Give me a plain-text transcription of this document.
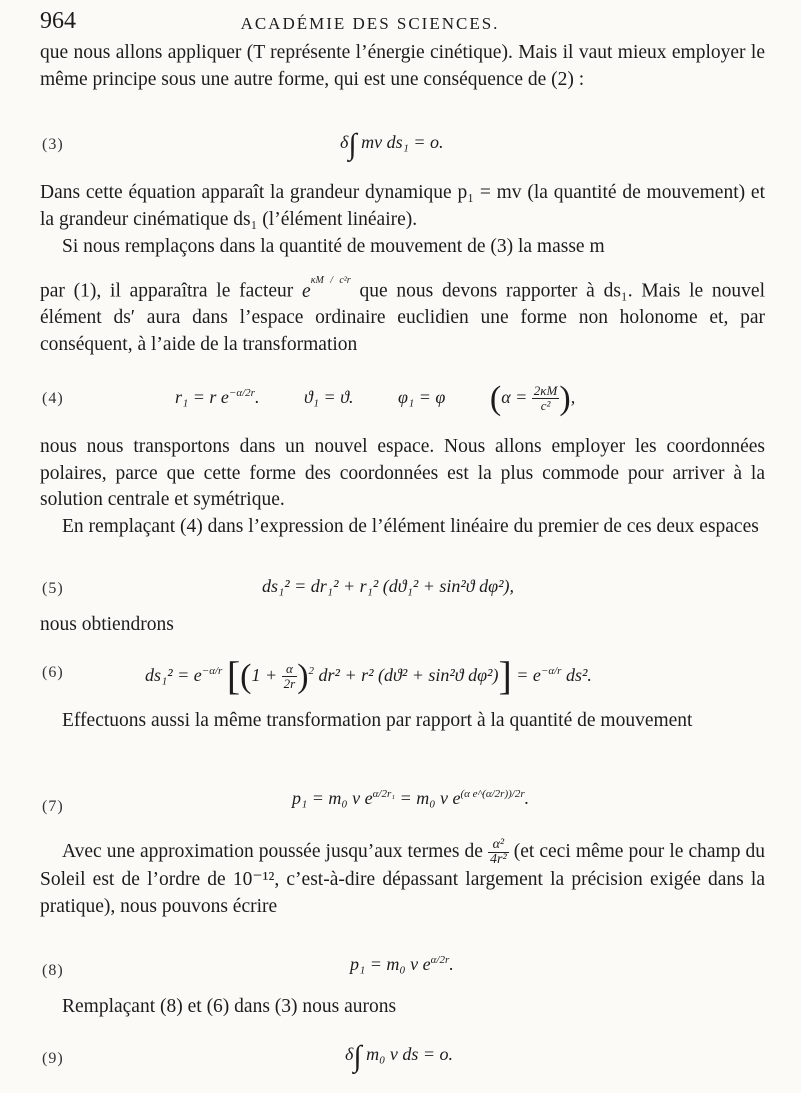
964	ACADÉMIE DES SCIENCES.
que nous allons appliquer (T représente l’énergie cinétique). Mais il vaut mieux employer le même principe sous une autre forme, qui est une conséquence de (2) :
(3)	δ∫ mv ds₁ = o.
Dans cette équation apparaît la grandeur dynamique p₁ = mv (la quantité de mouvement) et la grandeur cinématique ds₁ (l’élément linéaire).
Si nous remplaçons dans la quantité de mouvement de (3) la masse m
par (1), il apparaîtra le facteur $e^{\kappa M / c^2r}$ que nous devons rapporter à ds₁. Mais le nouvel élément ds′ aura dans l’espace ordinaire euclidien une forme non holonome et, par conséquent, à l’aide de la transformation
(4)	r₁ = r $e^{-\alpha/2r}$. ϑ₁ = ϑ. φ₁ = φ ($\alpha = \frac{2\kappa M}{\text{c²}}$ ),
nous nous transportons dans un nouvel espace. Nous allons employer les coordonnées polaires, parce que cette forme des coordonnées est la plus commode pour arriver à la solution centrale et symétrique.
En remplaçant (4) dans l’expression de l’élément linéaire du premier de ces deux espaces
(5)	ds₁² = dr₁² + r₁² (dϑ₁² + sin²ϑ dφ²),
nous obtiendrons
(6)	$ds_1^2 = e^{-\alpha/r}$ [$(1 + \frac{\alpha}{2r} )^2$ dr² + r² (dϑ² + sin²ϑ $d\varphi^2)] = e^{-\alpha/r}$ ds².
Effectuons aussi la même transformation par rapport à la quantité de mouvement
(7)	p₁ = m₀ v $e^{\alpha/2r_1} = m_0$ v $e^{(\alpha e\^{}(\alpha/2r))/2r}$.
Avec une approximation poussée jusqu’aux termes de $\frac{\text{α²}}{\text{4r²}} (et$ ceci même pour le champ du Soleil est de l’ordre de 10⁻¹², c’est-à-dire dépassant largement la précision exigée dans la pratique), nous pouvons écrire
(8)	p₁ = m₀ v $e^{\alpha/2r}$.
Remplaçant (8) et (6) dans (3) nous aurons
(9)	δ∫ m₀ v ds = o.
